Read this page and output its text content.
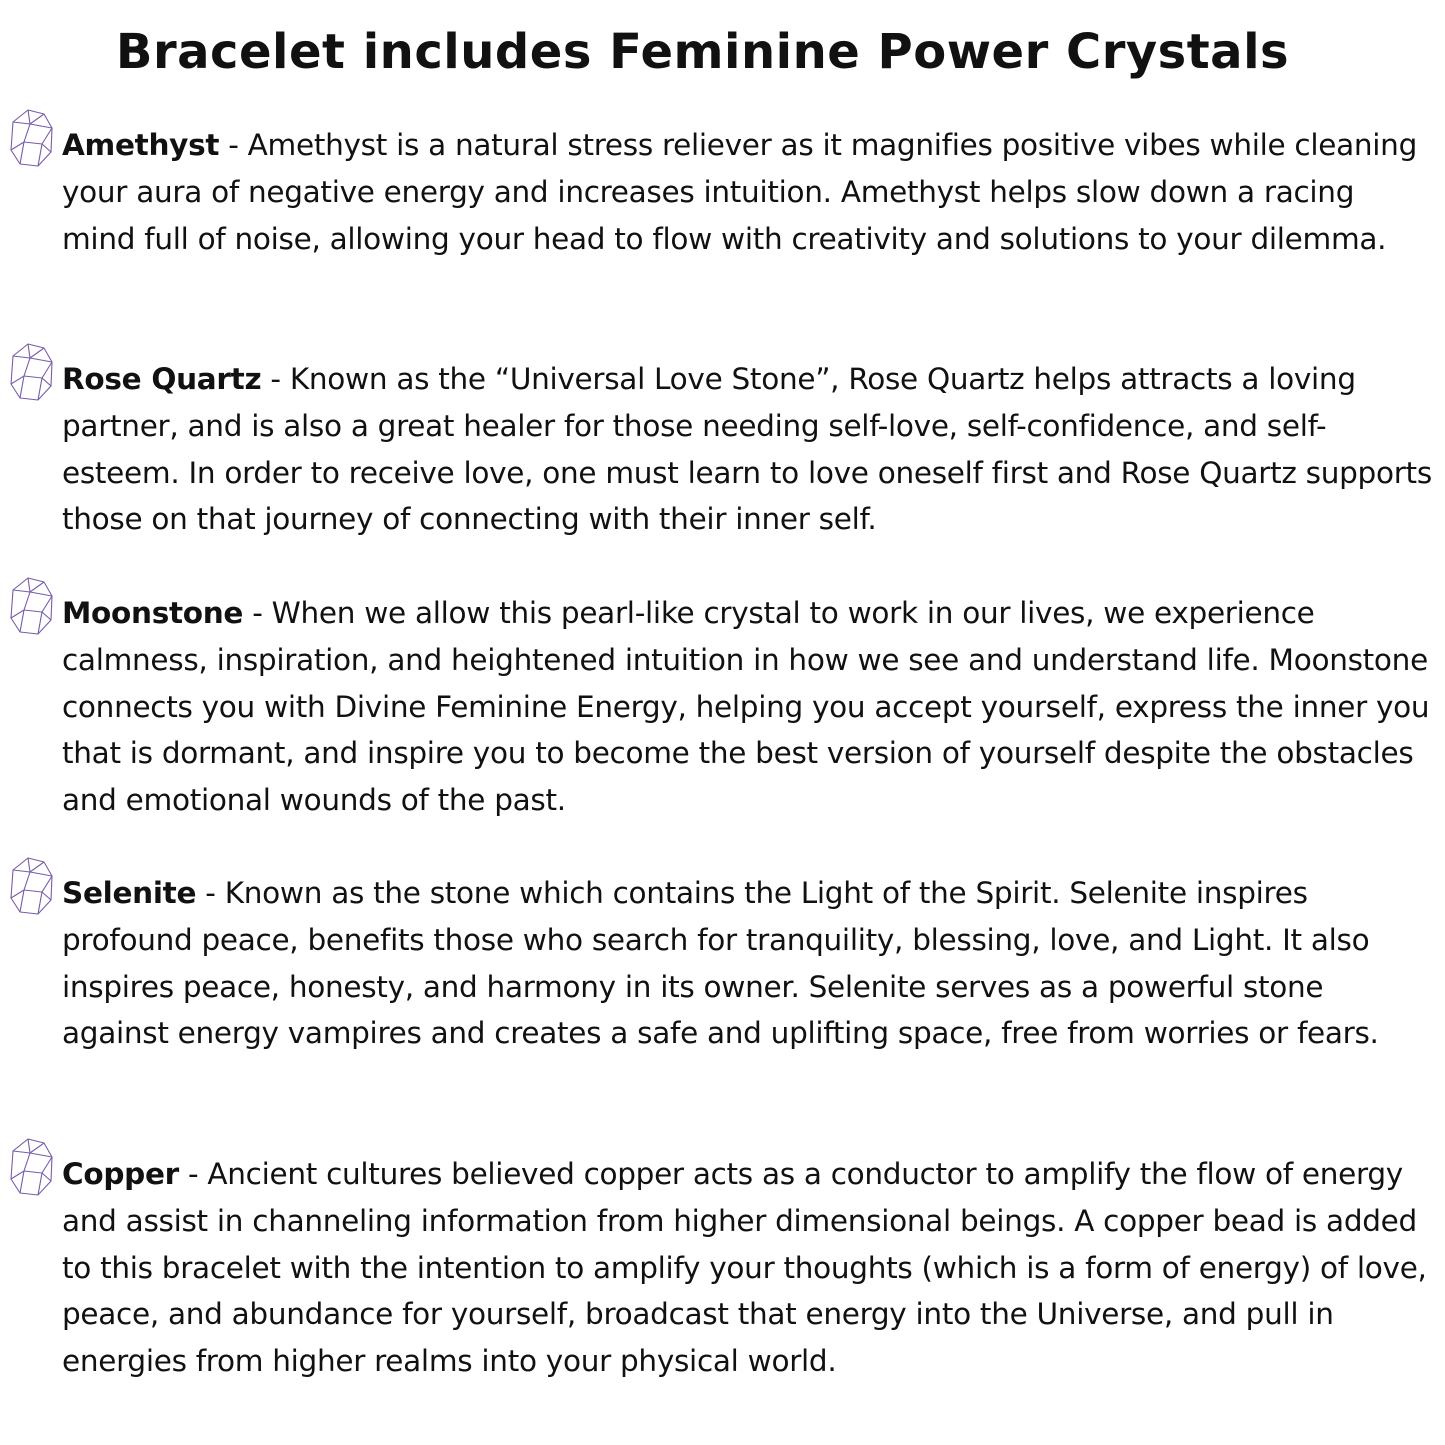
Bracelet includes Feminine Power Crystals

Amethyst - Amethyst is a natural stress reliever as it magnifies positive vibes while cleaning your aura of negative energy and increases intuition. Amethyst helps slow down a racing mind full of noise, allowing your head to flow with creativity and solutions to your dilemma.

Rose Quartz - Known as the “Universal Love Stone”, Rose Quartz helps attracts a loving partner, and is also a great healer for those needing self-love, self-confidence, and self-esteem. In order to receive love, one must learn to love oneself first and Rose Quartz supports those on that journey of connecting with their inner self.

Moonstone - When we allow this pearl-like crystal to work in our lives, we experience calmness, inspiration, and heightened intuition in how we see and understand life. Moonstone connects you with Divine Feminine Energy, helping you accept yourself, express the inner you that is dormant, and inspire you to become the best version of yourself despite the obstacles and emotional wounds of the past.

Selenite - Known as the stone which contains the Light of the Spirit. Selenite inspires profound peace, benefits those who search for tranquility, blessing, love, and Light. It also inspires peace, honesty, and harmony in its owner. Selenite serves as a powerful stone against energy vampires and creates a safe and uplifting space, free from worries or fears.

Copper - Ancient cultures believed copper acts as a conductor to amplify the flow of energy and assist in channeling information from higher dimensional beings. A copper bead is added to this bracelet with the intention to amplify your thoughts (which is a form of energy) of love, peace, and abundance for yourself, broadcast that energy into the Universe, and pull in energies from higher realms into your physical world.
